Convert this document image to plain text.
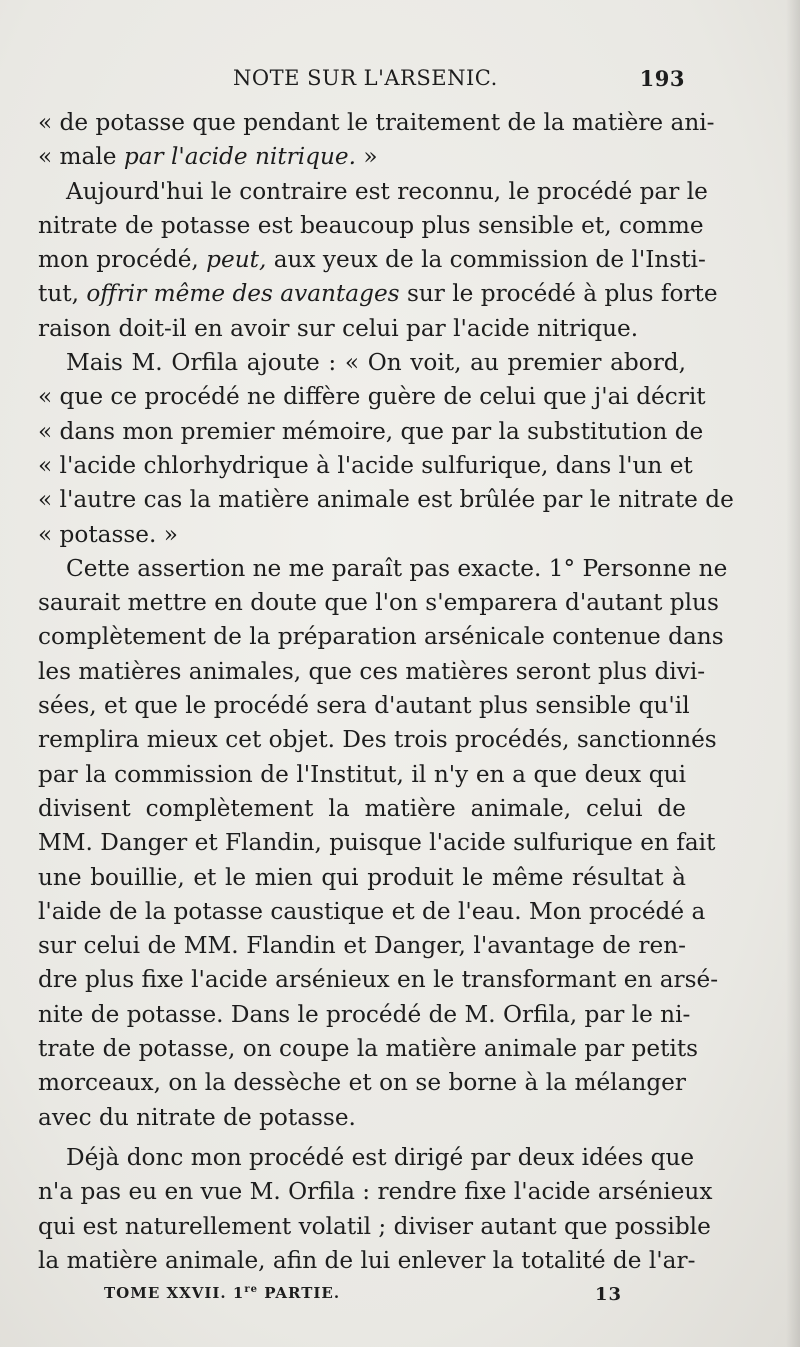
NOTE SUR L'ARSENIC.	193
« de potasse que pendant le traitement de la matière ani-
« male par l'acide nitrique. »
Aujourd'hui le contraire est reconnu, le procédé par le
nitrate de potasse est beaucoup plus sensible et, comme
mon procédé, peut, aux yeux de la commission de l'Insti-
tut, offrir même des avantages sur le procédé à plus forte
raison doit-il en avoir sur celui par l'acide nitrique.
Mais M. Orfila ajoute : « On voit, au premier abord,
« que ce procédé ne diffère guère de celui que j'ai décrit
« dans mon premier mémoire, que par la substitution de
« l'acide chlorhydrique à l'acide sulfurique, dans l'un et
« l'autre cas la matière animale est brûlée par le nitrate de
« potasse. »
Cette assertion ne me paraît pas exacte. 1° Personne ne
saurait mettre en doute que l'on s'emparera d'autant plus
complètement de la préparation arsénicale contenue dans
les matières animales, que ces matières seront plus divi-
sées, et que le procédé sera d'autant plus sensible qu'il
remplira mieux cet objet. Des trois procédés, sanctionnés
par la commission de l'Institut, il n'y en a que deux qui
divisent complètement la matière animale, celui de
MM. Danger et Flandin, puisque l'acide sulfurique en fait
une bouillie, et le mien qui produit le même résultat à
l'aide de la potasse caustique et de l'eau. Mon procédé a
sur celui de MM. Flandin et Danger, l'avantage de ren-
dre plus fixe l'acide arsénieux en le transformant en arsé-
nite de potasse. Dans le procédé de M. Orfila, par le ni-
trate de potasse, on coupe la matière animale par petits
morceaux, on la dessèche et on se borne à la mélanger
avec du nitrate de potasse.
Déjà donc mon procédé est dirigé par deux idées que
n'a pas eu en vue M. Orfila : rendre fixe l'acide arsénieux
qui est naturellement volatil ; diviser autant que possible
la matière animale, afin de lui enlever la totalité de l'ar-
TOME XXVII. 1re PARTIE.	13
